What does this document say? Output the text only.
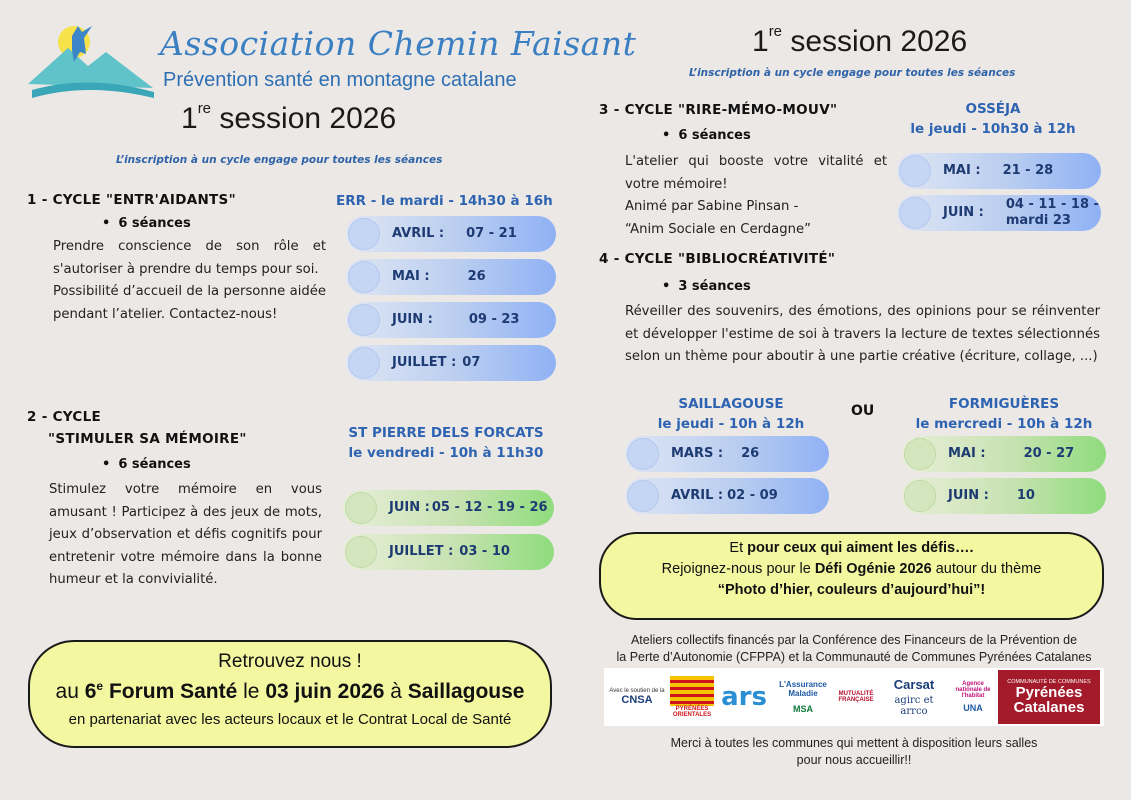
Association Chemin Faisant
Prévention santé en montagne catalane
1re session 2026
L’inscription à un cycle engage pour toutes les séances
1 - CYCLE "ENTR'AIDANTS"
• 6 séances
Prendre conscience de son rôle et s'autoriser à prendre du temps pour soi.
Possibilité d’accueil de la personne aidée pendant l’atelier. Contactez-nous!
ERR - le mardi - 14h30 à 16h
AVRIL : 07 - 21
MAI :	26
JUIN :	09 - 23
JUILLET : 07
2 - CYCLE
"STIMULER SA MÉMOIRE"
• 6 séances
Stimulez votre mémoire en vous amusant ! Participez à des jeux de mots, jeux d’observation et défis cognitifs pour entretenir votre mémoire dans la bonne humeur et la convivialité.
ST PIERRE DELS FORCATS
le vendredi - 10h à 11h30
JUIN : 05 - 12 - 19 - 26
JUILLET : 03 - 10
Retrouvez nous !
au 6e Forum Santé le 03 juin 2026 à Saillagouse
en partenariat avec les acteurs locaux et le Contrat Local de Santé
1re session 2026
L’inscription à un cycle engage pour toutes les séances
3 - CYCLE "RIRE-MÉMO-MOUV"
• 6 séances
L'atelier qui booste votre vitalité et votre mémoire!
Animé par Sabine Pinsan -
“Anim Sociale en Cerdagne”
OSSÉJA
le jeudi - 10h30 à 12h
MAI : 21 - 28
JUIN :
04 - 11 - 18 -
mardi 23
4 - CYCLE "BIBLIOCRÉATIVITÉ"
• 3 séances
Réveiller des souvenirs, des émotions, des opinions pour se réinventer et développer l'estime de soi à travers la lecture de textes sélectionnés selon un thème pour aboutir à une partie créative (écriture, collage, ...)
SAILLAGOUSE
le jeudi - 10h à 12h
OU	FORMIGUÈRES
le mercredi - 10h à 12h
MARS : 26
AVRIL : 02 - 09
MAI :	20 - 27
JUIN : 10
Et pour ceux qui aiment les défis….
Rejoignez-nous pour le Défi Ogénie 2026 autour du thème
“Photo d’hier, couleurs d’aujourd’hui”!
Ateliers collectifs financés par la Conférence des Financeurs de la Prévention de
la Perte d’Autonomie (CFPPA) et la Communauté de Communes Pyrénées Catalanes
Avec le soutien de la
CNSA
PYRÉNÉES ORIENTALES
ars	L'Assurance Maladie
MSA
MUTUALITÉ FRANÇAISE
Carsat
agirc et arrco
Agence nationale de l'habitat
UNA
COMMUNAUTÉ DE COMMUNES
Pyrénées
Catalanes
Merci à toutes les communes qui mettent à disposition leurs salles
pour nous accueillir!!
